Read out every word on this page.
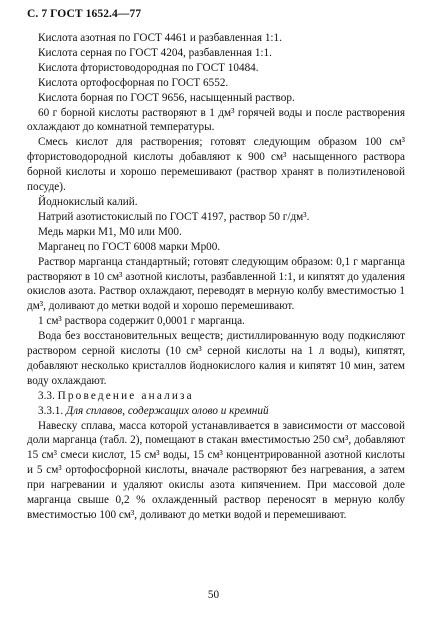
С. 7 ГОСТ 1652.4—77

Кислота азотная по ГОСТ 4461 и разбавленная 1:1.

Кислота серная по ГОСТ 4204, разбавленная 1:1.

Кислота фтористоводородная по ГОСТ 10484.

Кислота ортофосфорная по ГОСТ 6552.

Кислота борная по ГОСТ 9656, насыщенный раствор.

60 г борной кислоты растворяют в 1 дм³ горячей воды и после растворения охлаждают до комнатной температуры.

Смесь кислот для растворения; готовят следующим образом 100 см³ фтористоводородной кислоты добавляют к 900 см³ насыщенного раствора борной кислоты и хорошо перемешивают (раствор хранят в полиэтиленовой посуде).

Йоднокислый калий.

Натрий азотистокислый по ГОСТ 4197, раствор 50 г/дм³.

Медь марки М1, М0 или М00.

Марганец по ГОСТ 6008 марки Мр00.

Раствор марганца стандартный; готовят следующим образом: 0,1 г марганца растворяют в 10 см³ азотной кислоты, разбавленной 1:1, и кипятят до удаления окислов азота. Раствор охлаждают, переводят в мерную колбу вместимостью 1 дм³, доливают до метки водой и хорошо перемешивают.

1 см³ раствора содержит 0,0001 г марганца.

Вода без восстановительных веществ; дистиллированную воду подкисляют раствором серной кислоты (10 см³ серной кислоты на 1 л воды), кипятят, добавляют несколько кристаллов йоднокислого калия и кипятят 10 мин, затем воду охлаждают.

3.3. Проведение анализа

3.3.1. Для сплавов, содержащих олово и кремний

Навеску сплава, масса которой устанавливается в зависимости от массовой доли марганца (табл. 2), помещают в стакан вместимостью 250 см³, добавляют 15 см³ смеси кислот, 15 см³ воды, 15 см³ концентрированной азотной кислоты и 5 см³ ортофосфорной кислоты, вначале растворяют без нагревания, а затем при нагревании и удаляют окислы азота кипячением. При массовой доле марганца свыше 0,2 % охлажденный раствор переносят в мерную колбу вместимостью 100 см³, доливают до метки водой и перемешивают.

50
